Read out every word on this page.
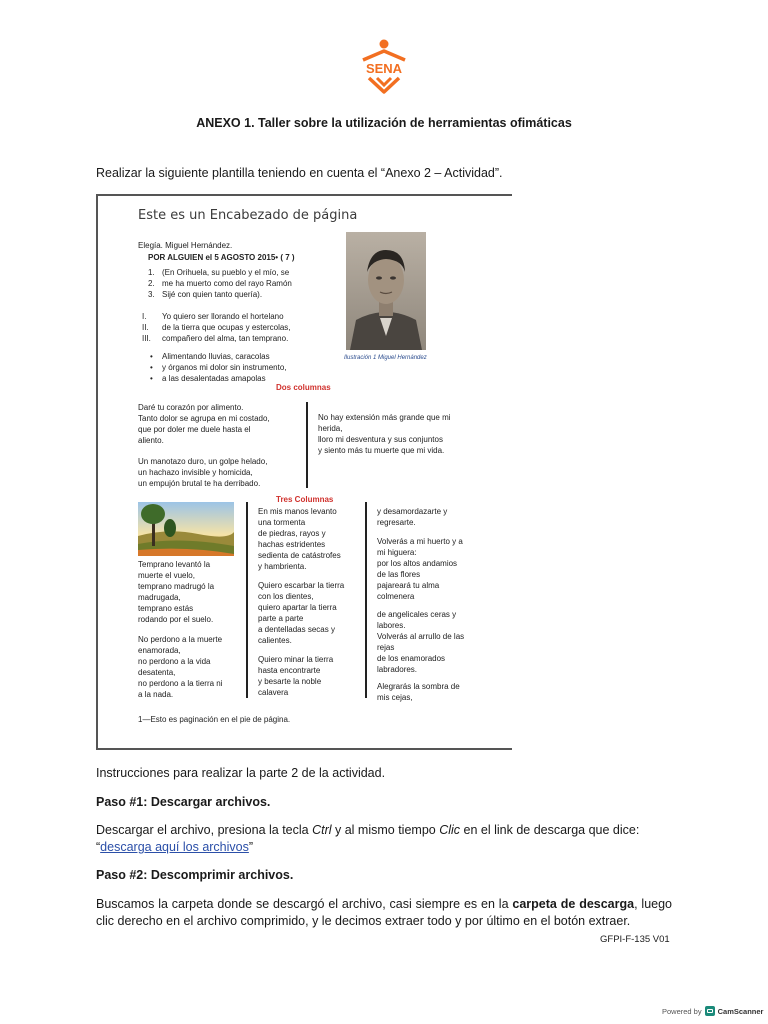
SENA
ANEXO 1. Taller sobre la utilización de herramientas ofimáticas
Realizar la siguiente plantilla teniendo en cuenta el “Anexo 2 – Actividad”.
Este es un Encabezado de página
Elegía. Miguel Hernández.
POR ALGUIEN el 5 AGOSTO 2015• ( 7 )
1. (En Orihuela, su pueblo y el mío, se
2. me ha muerto como del rayo Ramón
3. Sijé con quien tanto quería).
I. Yo quiero ser llorando el hortelano
II. de la tierra que ocupas y estercolas,
III. compañero del alma, tan temprano.
• Alimentando lluvias, caracolas
• y órganos mi dolor sin instrumento,
• a las desalentadas amapolas
Ilustración 1 Miguel Hernández
Dos columnas
Daré tu corazón por alimento.
Tanto dolor se agrupa en mi costado,
que por doler me duele hasta el
aliento.
Un manotazo duro, un golpe helado,
un hachazo invisible y homicida,
un empujón brutal te ha derribado.
No hay extensión más grande que mi
herida,
lloro mi desventura y sus conjuntos
y siento más tu muerte que mi vida.
Tres Columnas
Temprano levantó la
muerte el vuelo,
temprano madrugó la
madrugada,
temprano estás
rodando por el suelo.
No perdono a la muerte
enamorada,
no perdono a la vida
desatenta,
no perdono a la tierra ni
a la nada.
En mis manos levanto
una tormenta
de piedras, rayos y
hachas estridentes
sedienta de catástrofes
y hambrienta.
Quiero escarbar la tierra
con los dientes,
quiero apartar la tierra
parte a parte
a dentelladas secas y
calientes.
Quiero minar la tierra
hasta encontrarte
y besarte la noble
calavera
y desamordazarte y
regresarte.
Volverás a mi huerto y a
mi higuera:
por los altos andamios
de las flores
pajareará tu alma
colmenera
de angelicales ceras y
labores.
Volverás al arrullo de las
rejas
de los enamorados
labradores.
Alegrarás la sombra de
mis cejas,
1—Esto es paginación en el pie de página.
Instrucciones para realizar la parte 2 de la actividad.
Paso #1: Descargar archivos.
Descargar el archivo, presiona la tecla Ctrl y al mismo tiempo Clic en el link de descarga que dice: “descarga aquí los archivos”
Paso #2: Descomprimir archivos.
Buscamos la carpeta donde se descargó el archivo, casi siempre es en la carpeta de descarga, luego clic derecho en el archivo comprimido, y le decimos extraer todo y por último en el botón extraer.
GFPI-F-135 V01
Powered by CamScanner
